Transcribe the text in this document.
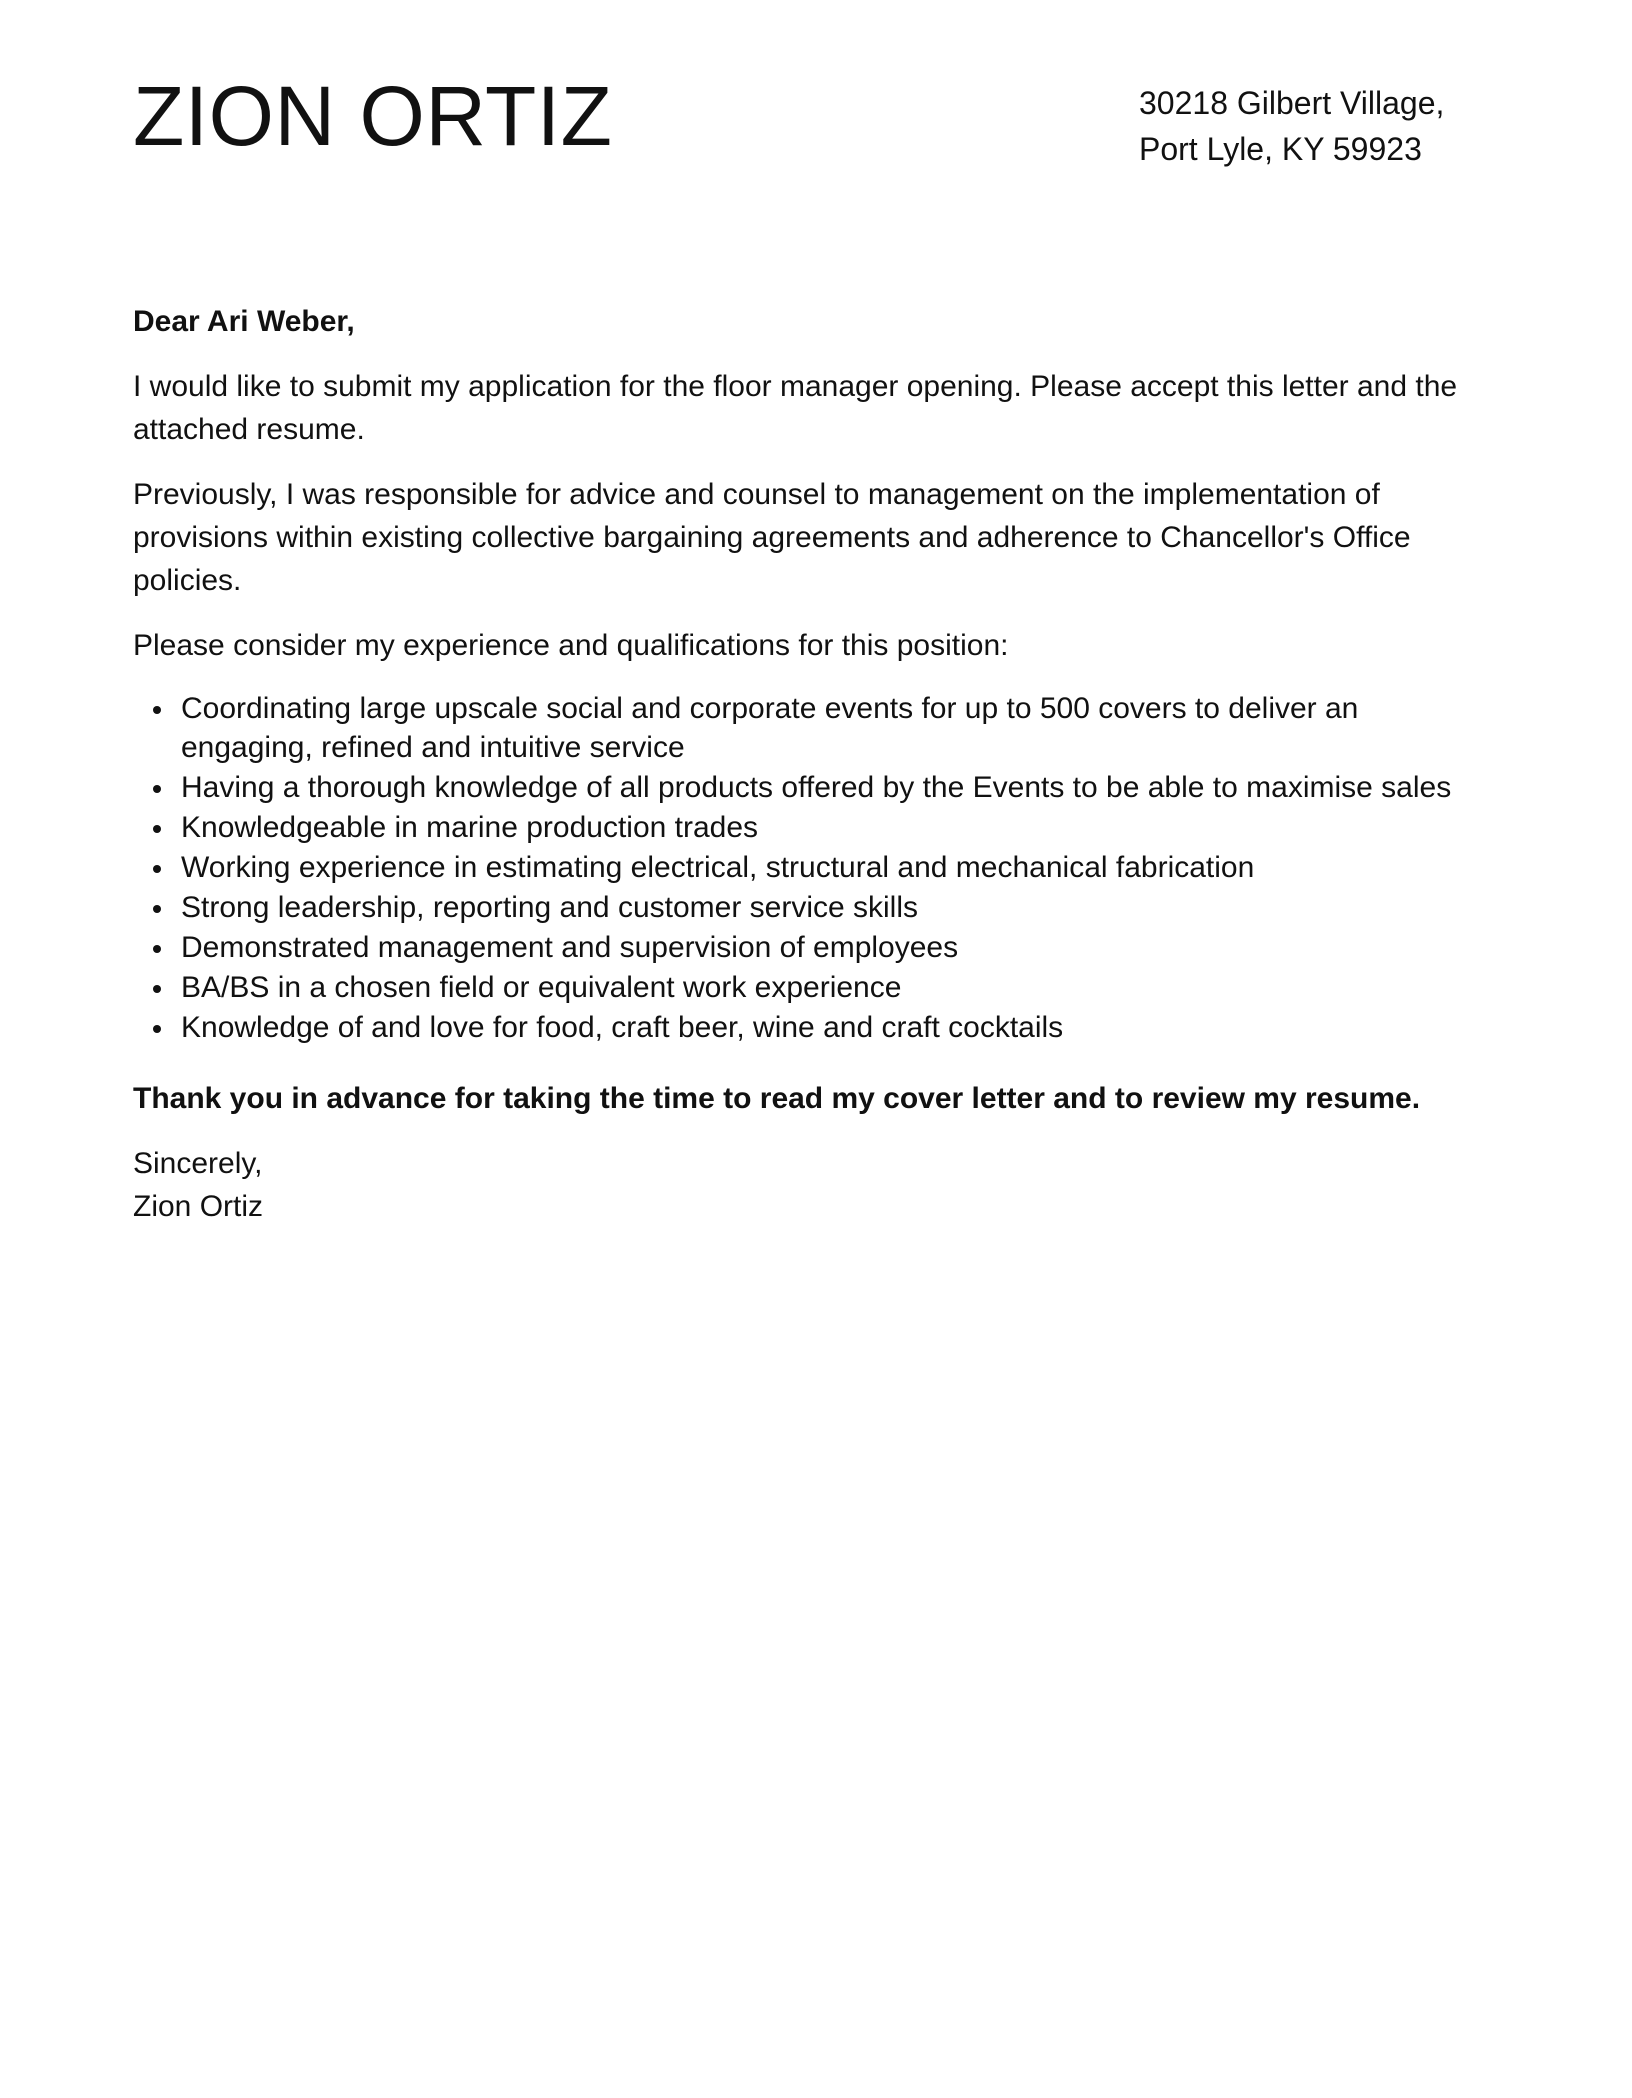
ZION ORTIZ	30218 Gilbert Village,
Port Lyle, KY 59923

Dear Ari Weber,

I would like to submit my application for the floor manager opening. Please accept this letter and the attached resume.

Previously, I was responsible for advice and counsel to management on the implementation of provisions within existing collective bargaining agreements and adherence to Chancellor's Office policies.

Please consider my experience and qualifications for this position:

Coordinating large upscale social and corporate events for up to 500 covers to deliver an engaging, refined and intuitive service
Having a thorough knowledge of all products offered by the Events to be able to maximise sales
Knowledgeable in marine production trades
Working experience in estimating electrical, structural and mechanical fabrication
Strong leadership, reporting and customer service skills
Demonstrated management and supervision of employees
BA/BS in a chosen field or equivalent work experience
Knowledge of and love for food, craft beer, wine and craft cocktails

Thank you in advance for taking the time to read my cover letter and to review my resume.

Sincerely,
Zion Ortiz
